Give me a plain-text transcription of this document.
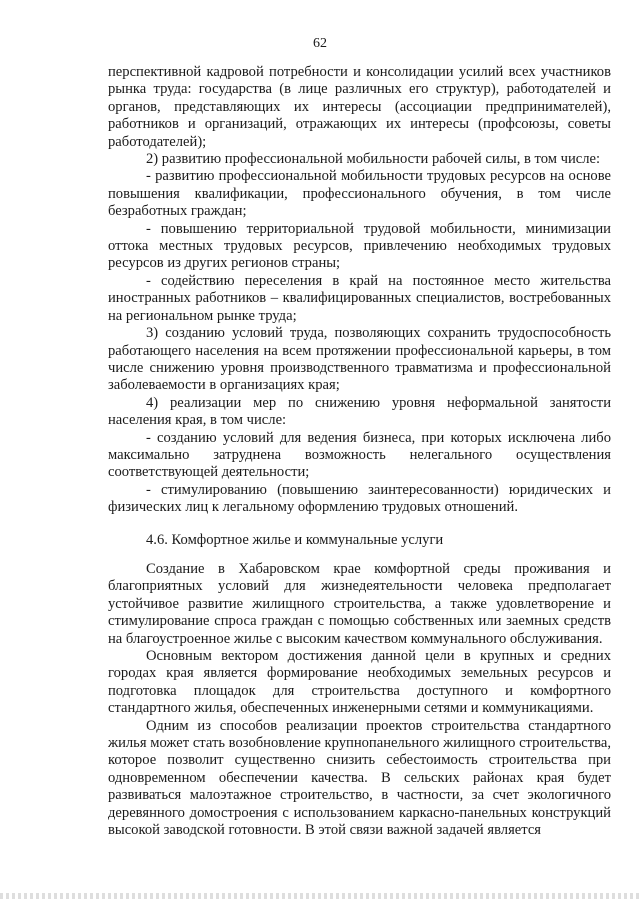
62

перспективной кадровой потребности и консолидации усилий всех участников рынка труда: государства (в лице различных его структур), работодателей и органов, представляющих их интересы (ассоциации предпринимателей), работников и организаций, отражающих их интересы (профсоюзы, советы работодателей);

2) развитию профессиональной мобильности рабочей силы, в том числе:

- развитию профессиональной мобильности трудовых ресурсов на основе повышения квалификации, профессионального обучения, в том числе безработных граждан;

- повышению территориальной трудовой мобильности, минимизации оттока местных трудовых ресурсов, привлечению необходимых трудовых ресурсов из других регионов страны;

- содействию переселения в край на постоянное место жительства иностранных работников – квалифицированных специалистов, востребованных на региональном рынке труда;

3) созданию условий труда, позволяющих сохранить трудоспособность работающего населения на всем протяжении профессиональной карьеры, в том числе снижению уровня производственного травматизма и профессиональной заболеваемости в организациях края;

4) реализации мер по снижению уровня неформальной занятости населения края, в том числе:

- созданию условий для ведения бизнеса, при которых исключена либо максимально затруднена возможность нелегального осуществления соответствующей деятельности;

- стимулированию (повышению заинтересованности) юридических и физических лиц к легальному оформлению трудовых отношений.

4.6. Комфортное жилье и коммунальные услуги

Создание в Хабаровском крае комфортной среды проживания и благоприятных условий для жизнедеятельности человека предполагает устойчивое развитие жилищного строительства, а также удовлетворение и стимулирование спроса граждан с помощью собственных или заемных средств на благоустроенное жилье с высоким качеством коммунального обслуживания.

Основным вектором достижения данной цели в крупных и средних городах края является формирование необходимых земельных ресурсов и подготовка площадок для строительства доступного и комфортного стандартного жилья, обеспеченных инженерными сетями и коммуникациями.

Одним из способов реализации проектов строительства стандартного жилья может стать возобновление крупнопанельного жилищного строительства, которое позволит существенно снизить себестоимость строительства при одновременном обеспечении качества. В сельских районах края будет развиваться малоэтажное строительство, в частности, за счет экологичного деревянного домостроения с использованием каркасно-панельных конструкций высокой заводской готовности. В этой связи важной задачей является
